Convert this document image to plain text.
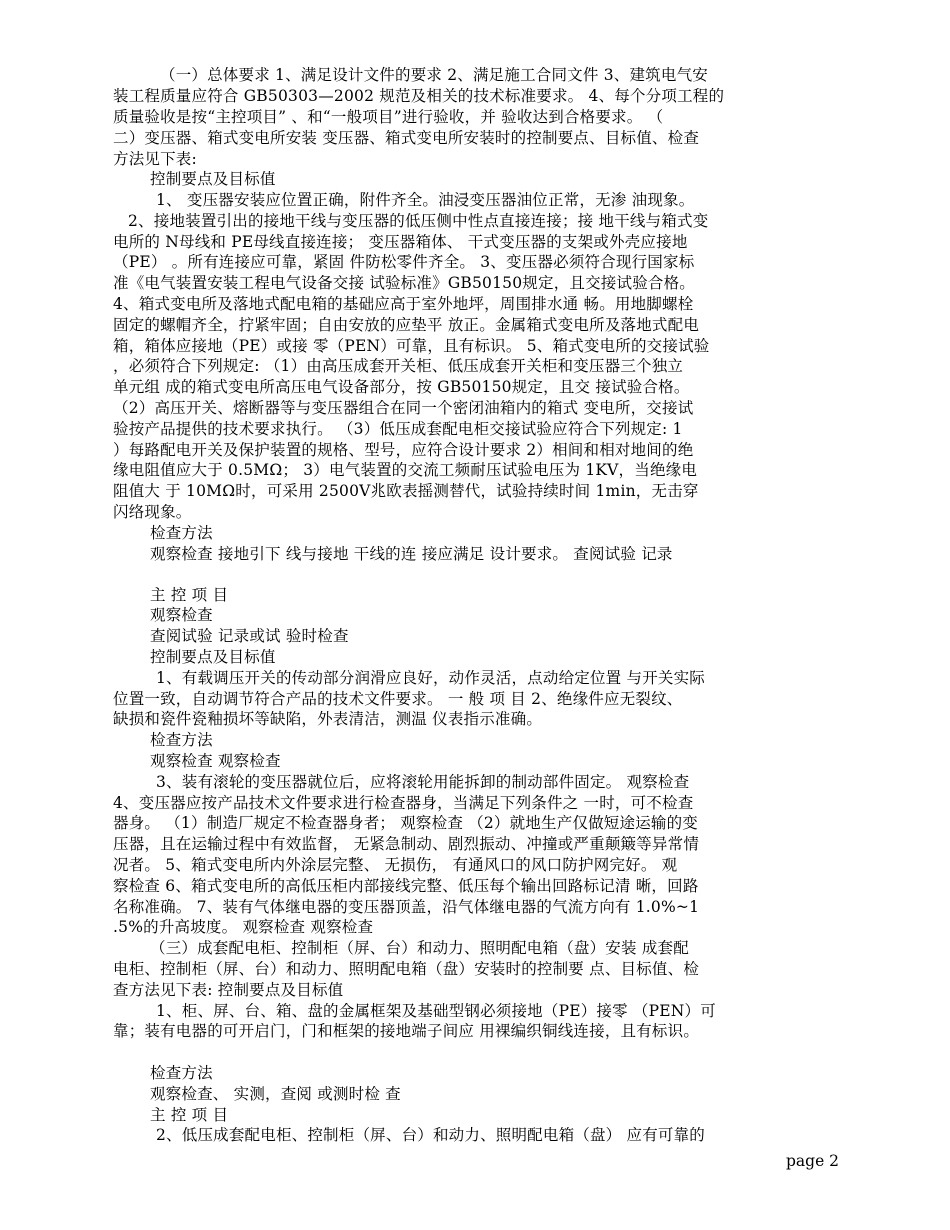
（一）总体要求 1、满足设计文件的要求 2、满足施工合同文件 3、建筑电气安
装工程质量应符合 GB50303—2002 规范及相关的技术标准要求。 4、每个分项工程的
质量验收是按“主控项目” 、和“一般项目”进行验收，并 验收达到合格要求。 （
二）变压器、箱式变电所安装 变压器、箱式变电所安装时的控制要点、目标值、检查
方法见下表:
控制要点及目标值
1、 变压器安装应位置正确，附件齐全。油浸变压器油位正常，无渗 油现象。
2、接地装置引出的接地干线与变压器的低压侧中性点直接连接；接 地干线与箱式变
电所的 N母线和 PE母线直接连接； 变压器箱体、 干式变压器的支架或外壳应接地
（PE） 。所有连接应可靠，紧固 件防松零件齐全。 3、变压器必须符合现行国家标
准《电气装置安装工程电气设备交接 试验标准》GB50150规定，且交接试验合格。
4、箱式变电所及落地式配电箱的基础应高于室外地坪，周围排水通 畅。用地脚螺栓
固定的螺帽齐全，拧紧牢固；自由安放的应垫平 放正。金属箱式变电所及落地式配电
箱，箱体应接地（PE）或接 零（PEN）可靠，且有标识。 5、箱式变电所的交接试验
，必须符合下列规定: （1）由高压成套开关柜、低压成套开关柜和变压器三个独立
单元组 成的箱式变电所高压电气设备部分，按 GB50150规定，且交 接试验合格。
（2）高压开关、熔断器等与变压器组合在同一个密闭油箱内的箱式 变电所，交接试
验按产品提供的技术要求执行。 （3）低压成套配电柜交接试验应符合下列规定: 1
）每路配电开关及保护装置的规格、型号，应符合设计要求 2）相间和相对地间的绝
缘电阻值应大于 0.5MΩ； 3）电气装置的交流工频耐压试验电压为 1KV，当绝缘电
阻值大 于 10MΩ时，可采用 2500V兆欧表摇测替代，试验持续时间 1min，无击穿
闪络现象。
检查方法
观察检查 接地引下 线与接地 干线的连 接应满足 设计要求。 查阅试验 记录
主 控 项 目
观察检查
查阅试验 记录或试 验时检查
控制要点及目标值
1、有载调压开关的传动部分润滑应良好，动作灵活，点动给定位置 与开关实际
位置一致，自动调节符合产品的技术文件要求。 一 般 项 目 2、绝缘件应无裂纹、
缺损和瓷件瓷釉损坏等缺陷，外表清洁，测温 仪表指示准确。
检查方法
观察检查 观察检查
3、装有滚轮的变压器就位后，应将滚轮用能拆卸的制动部件固定。 观察检查
4、变压器应按产品技术文件要求进行检查器身，当满足下列条件之 一时，可不检查
器身。 （1）制造厂规定不检查器身者； 观察检查 （2）就地生产仅做短途运输的变
压器，且在运输过程中有效监督， 无紧急制动、剧烈振动、冲撞或严重颠簸等异常情
况者。 5、箱式变电所内外涂层完整、 无损伤， 有通风口的风口防护网完好。 观
察检查 6、箱式变电所的高低压柜内部接线完整、低压每个输出回路标记清 晰，回路
名称准确。 7、装有气体继电器的变压器顶盖，沿气体继电器的气流方向有 1.0%~1
.5%的升高坡度。 观察检查 观察检查
（三）成套配电柜、控制柜（屏、台）和动力、照明配电箱（盘）安装 成套配
电柜、控制柜（屏、台）和动力、照明配电箱（盘）安装时的控制要 点、目标值、检
查方法见下表: 控制要点及目标值
1、柜、屏、台、箱、盘的金属框架及基础型钢必须接地（PE）接零 （PEN）可
靠；装有电器的可开启门，门和框架的接地端子间应 用裸编织铜线连接，且有标识。
检查方法
观察检查、 实测，查阅 或测时检 查
主 控 项 目
2、低压成套配电柜、控制柜（屏、台）和动力、照明配电箱（盘） 应有可靠的
page 2
